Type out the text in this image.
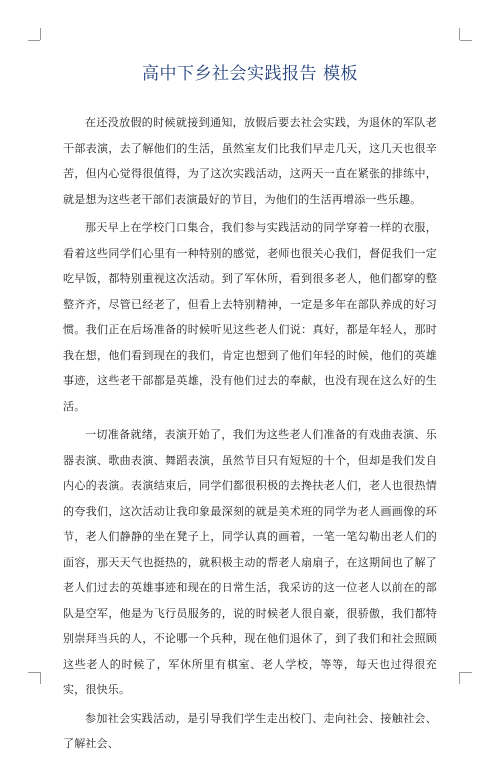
高中下乡社会实践报告 模板

在还没放假的时候就接到通知，放假后要去社会实践，为退休的军队老干部表演，去了解他们的生活，虽然室友们比我们早走几天，这几天也很辛苦，但内心觉得很值得，为了这次实践活动，这两天一直在紧张的排练中，就是想为这些老干部们表演最好的节目，为他们的生活再增添一些乐趣。

那天早上在学校门口集合，我们参与实践活动的同学穿着一样的衣服，看着这些同学们心里有一种特别的感觉，老师也很关心我们，督促我们一定吃早饭，都特别重视这次活动。到了军休所，看到很多老人，他们都穿的整整齐齐，尽管已经老了，但看上去特别精神，一定是多年在部队养成的好习惯。我们正在后场准备的时候听见这些老人们说：真好，都是年轻人，那时我在想，他们看到现在的我们，肯定也想到了他们年轻的时候，他们的英雄事迹，这些老干部都是英雄，没有他们过去的奉献，也没有现在这么好的生活。

一切准备就绪，表演开始了，我们为这些老人们准备的有戏曲表演、乐器表演、歌曲表演、舞蹈表演，虽然节目只有短短的十个，但却是我们发自内心的表演。表演结束后，同学们都很积极的去搀扶老人们，老人也很热情的夸我们，这次活动让我印象最深刻的就是美术班的同学为老人画画像的环节，老人们静静的坐在凳子上，同学认真的画着，一笔一笔勾勒出老人们的面容，那天天气也挺热的，就积极主动的帮老人扇扇子，在这期间也了解了老人们过去的英雄事迹和现在的日常生活，我采访的这一位老人以前在的部队是空军，他是为飞行员服务的，说的时候老人很自豪，很骄傲，我们都特别崇拜当兵的人，不论哪一个兵种，现在他们退休了，到了我们和社会照顾这些老人的时候了，军休所里有棋室、老人学校，等等，每天也过得很充实，很快乐。

参加社会实践活动，是引导我们学生走出校门、走向社会、接触社会、了解社会、
